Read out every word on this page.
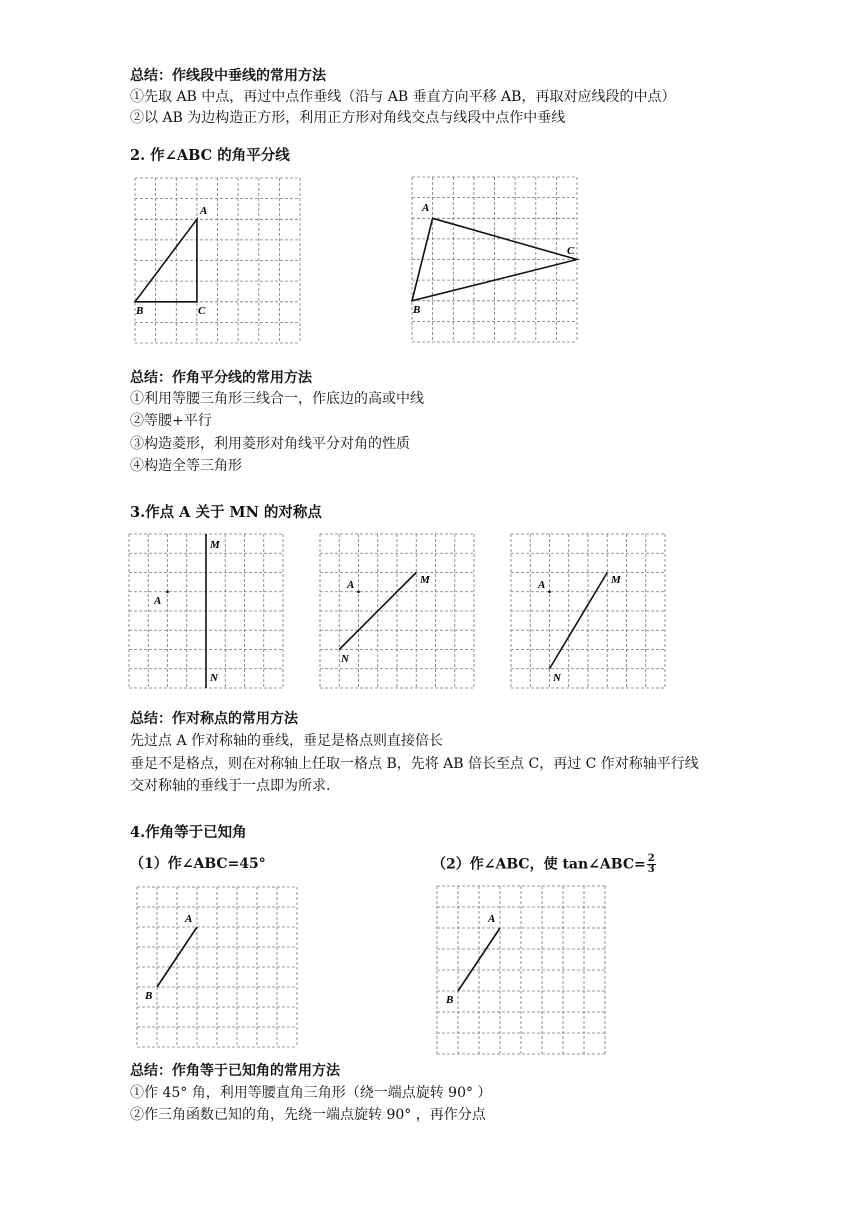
总结：作线段中垂线的常用方法
①先取 AB 中点，再过中点作垂线（沿与 AB 垂直方向平移 AB，再取对应线段的中点）
②以 AB 为边构造正方形，利用正方形对角线交点与线段中点作中垂线
2. 作∠ABC 的角平分线
A
B	C
A
B
C
总结：作角平分线的常用方法
①利用等腰三角形三线合一，作底边的高或中线
②等腰+平行
③构造菱形，利用菱形对角线平分对角的性质
④构造全等三角形
3.作点 A 关于 MN 的对称点
A
M
N
A	M
N
A	M
N
总结：作对称点的常用方法
先过点 A 作对称轴的垂线，垂足是格点则直接倍长
垂足不是格点，则在对称轴上任取一格点 B，先将 AB 倍长至点 C，再过 C 作对称轴平行线
交对称轴的垂线于一点即为所求.
4.作角等于已知角
（1）作∠ABC=45°	（2）作∠ABC，使 tan∠ABC= $\frac{2}{3}$
A
B
A
B
总结：作角等于已知角的常用方法
①作 45° 角，利用等腰直角三角形（绕一端点旋转 90° ）
②作三角函数已知的角，先绕一端点旋转 90° ，再作分点
